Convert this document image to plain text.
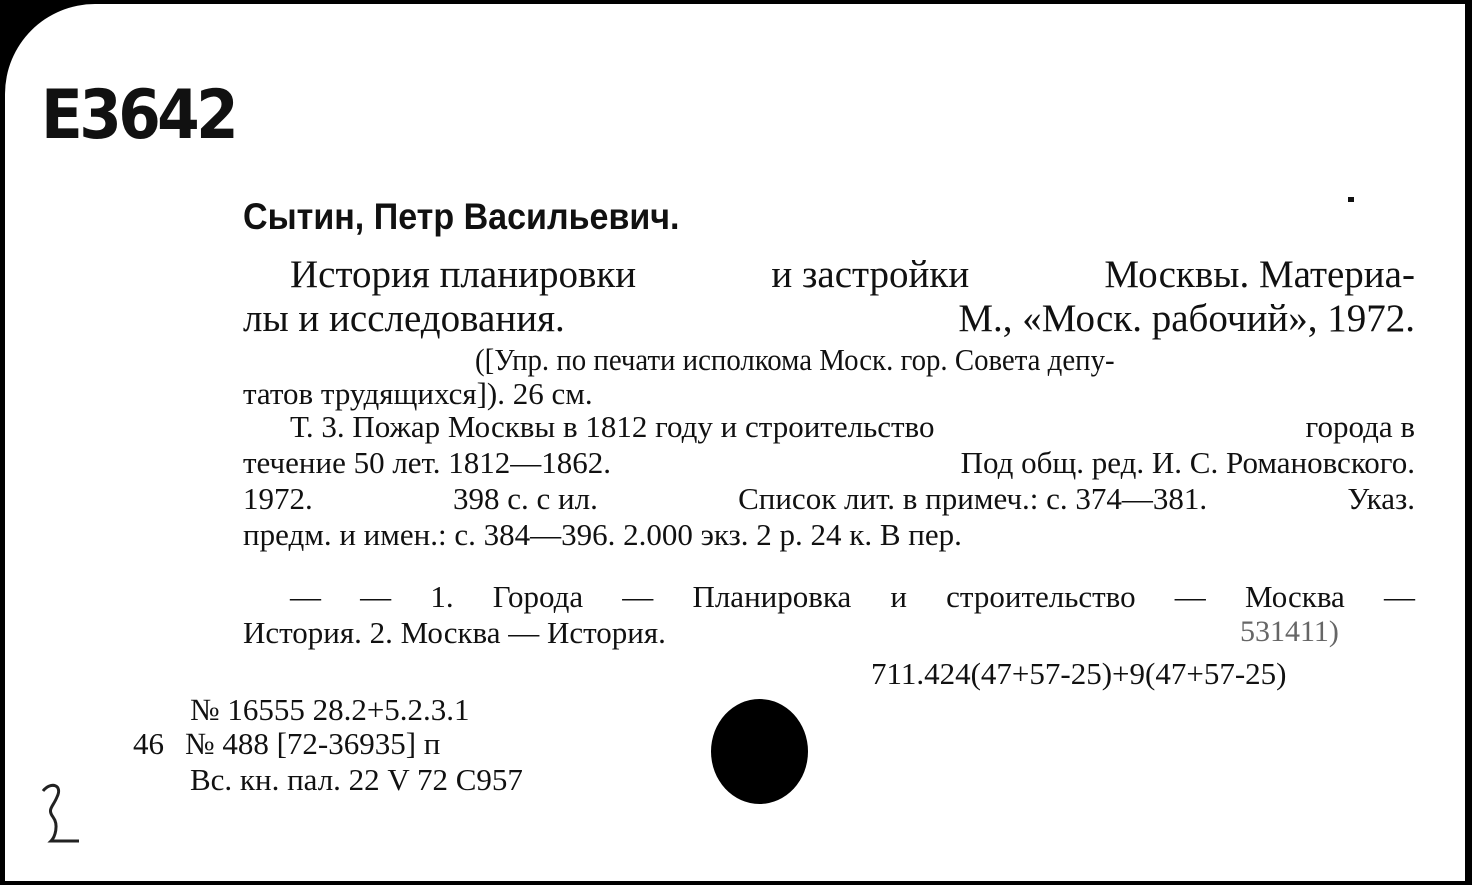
E3642
Сытин, Петр Васильевич.
История планировки	и застройки	Москвы. Материа-
лы и исследования.	М., «Моск. рабочий», 1972.
([Упр. по печати исполкома Моск. гор. Совета депу-
татов трудящихся]). 26 см.
Т. 3. Пожар Москвы в 1812 году и строительство	города в
течение 50 лет. 1812—1862.	Под общ. ред. И. С. Романовского.
1972.	398 с. с ил.	Список лит. в примеч.: с. 374—381.	Указ.
предм. и имен.: с. 384—396. 2.000 экз. 2 р. 24 к. В пер.
— — 1. Города — Планировка и строительство — Москва —
История. 2. Москва — История.	531411)
711.424(47+57-25)+9(47+57-25)
№ 16555 28.2+5.2.3.1
46 № 488 [72-36935] п
Вс. кн. пал. 22 V 72 С957
